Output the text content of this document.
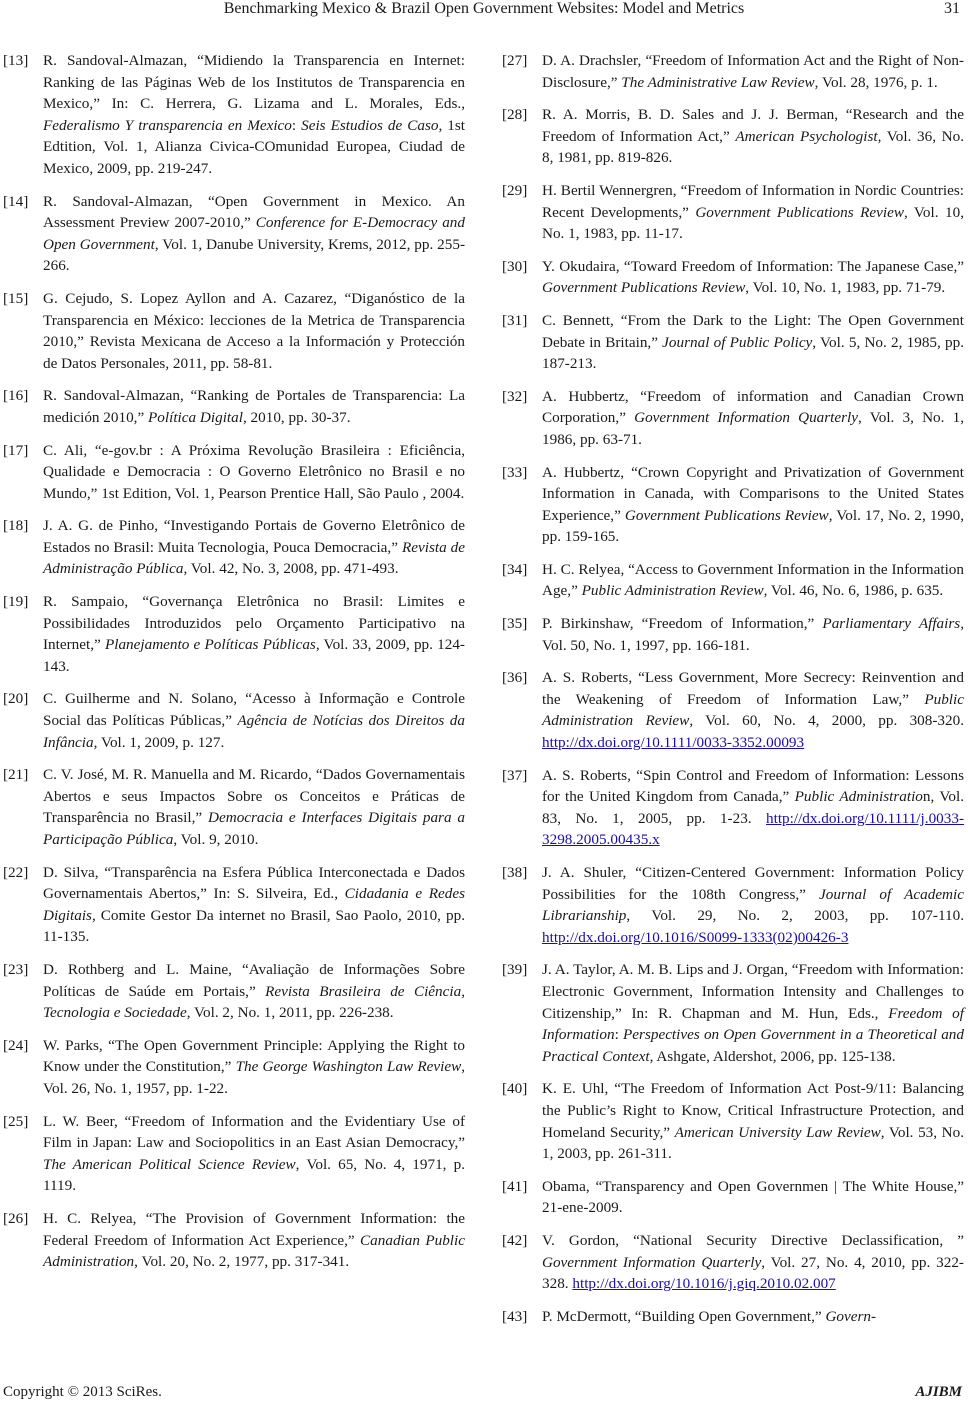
Benchmarking Mexico & Brazil Open Government Websites: Model and Metrics	31
[13] R. Sandoval-Almazan, “Midiendo la Transparencia en Internet: Ranking de las Páginas Web de los Institutos de Transparencia en Mexico,” In: C. Herrera, G. Lizama and L. Morales, Eds., Federalismo Y transparencia en Mexico: Seis Estudios de Caso, 1st Edtition, Vol. 1, Alianza Civica-COmunidad Europea, Ciudad de Mexico, 2009, pp. 219-247.
[14] R. Sandoval-Almazan, “Open Government in Mexico. An Assessment Preview 2007-2010,” Conference for E-Democracy and Open Government, Vol. 1, Danube University, Krems, 2012, pp. 255-266.
[15] G. Cejudo, S. Lopez Ayllon and A. Cazarez, “Diganóstico de la Transparencia en México: lecciones de la Metrica de Transparencia 2010,” Revista Mexicana de Acceso a la Información y Protección de Datos Personales, 2011, pp. 58-81.
[16] R. Sandoval-Almazan, “Ranking de Portales de Transparencia: La medición 2010,” Política Digital, 2010, pp. 30-37.
[17] C. Ali, “e-gov.br : A Próxima Revolução Brasileira : Eficiência, Qualidade e Democracia : O Governo Eletrônico no Brasil e no Mundo,” 1st Edition, Vol. 1, Pearson Prentice Hall, São Paulo , 2004.
[18] J. A. G. de Pinho, “Investigando Portais de Governo Eletrônico de Estados no Brasil: Muita Tecnologia, Pouca Democracia,” Revista de Administração Pública, Vol. 42, No. 3, 2008, pp. 471-493.
[19] R. Sampaio, “Governança Eletrônica no Brasil: Limites e Possibilidades Introduzidos pelo Orçamento Participativo na Internet,” Planejamento e Políticas Públicas, Vol. 33, 2009, pp. 124-143.
[20] C. Guilherme and N. Solano, “Acesso à Informação e Controle Social das Políticas Públicas,” Agência de Notícias dos Direitos da Infância, Vol. 1, 2009, p. 127.
[21] C. V. José, M. R. Manuella and M. Ricardo, “Dados Governamentais Abertos e seus Impactos Sobre os Conceitos e Práticas de Transparência no Brasil,” Democracia e Interfaces Digitais para a Participação Pública, Vol. 9, 2010.
[22] D. Silva, “Transparência na Esfera Pública Interconectada e Dados Governamentais Abertos,” In: S. Silveira, Ed., Cidadania e Redes Digitais, Comite Gestor Da internet no Brasil, Sao Paolo, 2010, pp. 11-135.
[23] D. Rothberg and L. Maine, “Avaliação de Informações Sobre Políticas de Saúde em Portais,” Revista Brasileira de Ciência, Tecnologia e Sociedade, Vol. 2, No. 1, 2011, pp. 226-238.
[24] W. Parks, “The Open Government Principle: Applying the Right to Know under the Constitution,” The George Washington Law Review, Vol. 26, No. 1, 1957, pp. 1-22.
[25] L. W. Beer, “Freedom of Information and the Evidentiary Use of Film in Japan: Law and Sociopolitics in an East Asian Democracy,” The American Political Science Review, Vol. 65, No. 4, 1971, p. 1119.
[26] H. C. Relyea, “The Provision of Government Information: the Federal Freedom of Information Act Experience,” Canadian Public Administration, Vol. 20, No. 2, 1977, pp. 317-341.
[27] D. A. Drachsler, “Freedom of Information Act and the Right of Non-Disclosure,” The Administrative Law Review, Vol. 28, 1976, p. 1.
[28] R. A. Morris, B. D. Sales and J. J. Berman, “Research and the Freedom of Information Act,” American Psychologist, Vol. 36, No. 8, 1981, pp. 819-826.
[29] H. Bertil Wennergren, “Freedom of Information in Nordic Countries: Recent Developments,” Government Publications Review, Vol. 10, No. 1, 1983, pp. 11-17.
[30] Y. Okudaira, “Toward Freedom of Information: The Japanese Case,” Government Publications Review, Vol. 10, No. 1, 1983, pp. 71-79.
[31] C. Bennett, “From the Dark to the Light: The Open Government Debate in Britain,” Journal of Public Policy, Vol. 5, No. 2, 1985, pp. 187-213.
[32] A. Hubbertz, “Freedom of information and Canadian Crown Corporation,” Government Information Quarterly, Vol. 3, No. 1, 1986, pp. 63-71.
[33] A. Hubbertz, “Crown Copyright and Privatization of Government Information in Canada, with Comparisons to the United States Experience,” Government Publications Review, Vol. 17, No. 2, 1990, pp. 159-165.
[34] H. C. Relyea, “Access to Government Information in the Information Age,” Public Administration Review, Vol. 46, No. 6, 1986, p. 635.
[35] P. Birkinshaw, “Freedom of Information,” Parliamentary Affairs, Vol. 50, No. 1, 1997, pp. 166-181.
[36] A. S. Roberts, “Less Government, More Secrecy: Reinvention and the Weakening of Freedom of Information Law,” Public Administration Review, Vol. 60, No. 4, 2000, pp. 308-320. http://dx.doi.org/10.1111/0033-3352.00093
[37] A. S. Roberts, “Spin Control and Freedom of Information: Lessons for the United Kingdom from Canada,” Public Administration, Vol. 83, No. 1, 2005, pp. 1-23. http://dx.doi.org/10.1111/j.0033-3298.2005.00435.x
[38] J. A. Shuler, “Citizen-Centered Government: Information Policy Possibilities for the 108th Congress,” Journal of Academic Librarianship, Vol. 29, No. 2, 2003, pp. 107-110. http://dx.doi.org/10.1016/S0099-1333(02)00426-3
[39] J. A. Taylor, A. M. B. Lips and J. Organ, “Freedom with Information: Electronic Government, Information Intensity and Challenges to Citizenship,” In: R. Chapman and M. Hun, Eds., Freedom of Information: Perspectives on Open Government in a Theoretical and Practical Context, Ashgate, Aldershot, 2006, pp. 125-138.
[40] K. E. Uhl, “The Freedom of Information Act Post-9/11: Balancing the Public’s Right to Know, Critical Infrastructure Protection, and Homeland Security,” American University Law Review, Vol. 53, No. 1, 2003, pp. 261-311.
[41] Obama, “Transparency and Open Governmen | The White House,” 21-ene-2009.
[42] V. Gordon, “National Security Directive Declassification, ” Government Information Quarterly, Vol. 27, No. 4, 2010, pp. 322-328. http://dx.doi.org/10.1016/j.giq.2010.02.007
[43] P. McDermott, “Building Open Government,” Govern-
Copyright © 2013 SciRes.	AJIBM
